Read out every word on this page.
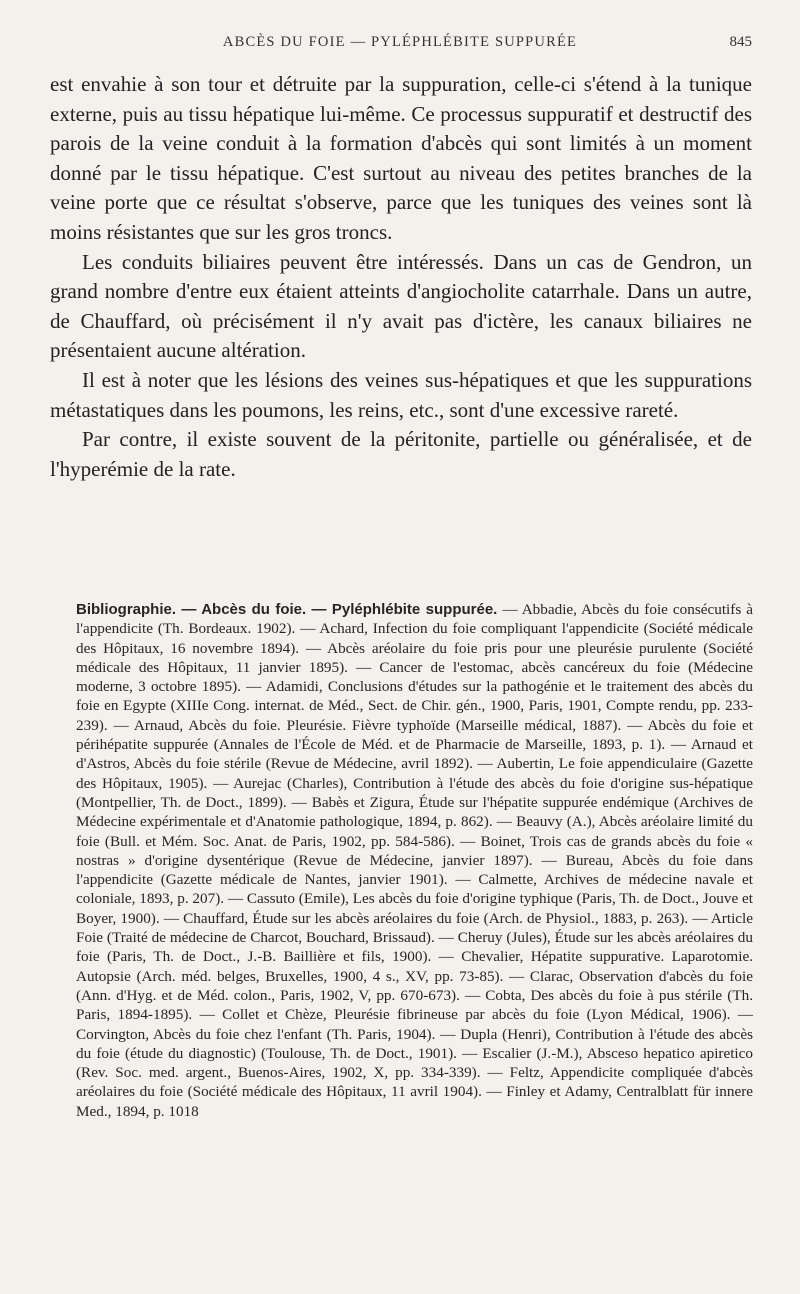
ABCÈS DU FOIE — PYLÉPHLÉBITE SUPPURÉE	845

est envahie à son tour et détruite par la suppuration, celle-ci s'étend à la tunique externe, puis au tissu hépatique lui-même. Ce processus suppuratif et destructif des parois de la veine conduit à la formation d'abcès qui sont limités à un moment donné par le tissu hépatique. C'est surtout au niveau des petites branches de la veine porte que ce résultat s'observe, parce que les tuniques des veines sont là moins résistantes que sur les gros troncs.

Les conduits biliaires peuvent être intéressés. Dans un cas de Gendron, un grand nombre d'entre eux étaient atteints d'angiocholite catarrhale. Dans un autre, de Chauffard, où précisément il n'y avait pas d'ictère, les canaux biliaires ne présentaient aucune altération.

Il est à noter que les lésions des veines sus-hépatiques et que les suppurations métastatiques dans les poumons, les reins, etc., sont d'une excessive rareté.

Par contre, il existe souvent de la péritonite, partielle ou généralisée, et de l'hyperémie de la rate.

Bibliographie. — Abcès du foie. — Pyléphlébite suppurée. — Abbadie, Abcès du foie consécutifs à l'appendicite (Th. Bordeaux. 1902). — Achard, Infection du foie compliquant l'appendicite (Société médicale des Hôpitaux, 16 novembre 1894). — Abcès aréolaire du foie pris pour une pleurésie purulente (Société médicale des Hôpitaux, 11 janvier 1895). — Cancer de l'estomac, abcès cancéreux du foie (Médecine moderne, 3 octobre 1895). — Adamidi, Conclusions d'études sur la pathogénie et le traitement des abcès du foie en Egypte (XIIIe Cong. internat. de Méd., Sect. de Chir. gén., 1900, Paris, 1901, Compte rendu, pp. 233-239). — Arnaud, Abcès du foie. Pleurésie. Fièvre typhoïde (Marseille médical, 1887). — Abcès du foie et périhépatite suppurée (Annales de l'École de Méd. et de Pharmacie de Marseille, 1893, p. 1). — Arnaud et d'Astros, Abcès du foie stérile (Revue de Médecine, avril 1892). — Aubertin, Le foie appendiculaire (Gazette des Hôpitaux, 1905). — Aurejac (Charles), Contribution à l'étude des abcès du foie d'origine sus-hépatique (Montpellier, Th. de Doct., 1899). — Babès et Zigura, Étude sur l'hépatite suppurée endémique (Archives de Médecine expérimentale et d'Anatomie pathologique, 1894, p. 862). — Beauvy (A.), Abcès aréolaire limité du foie (Bull. et Mém. Soc. Anat. de Paris, 1902, pp. 584-586). — Boinet, Trois cas de grands abcès du foie « nostras » d'origine dysentérique (Revue de Médecine, janvier 1897). — Bureau, Abcès du foie dans l'appendicite (Gazette médicale de Nantes, janvier 1901). — Calmette, Archives de médecine navale et coloniale, 1893, p. 207). — Cassuto (Emile), Les abcès du foie d'origine typhique (Paris, Th. de Doct., Jouve et Boyer, 1900). — Chauffard, Étude sur les abcès aréolaires du foie (Arch. de Physiol., 1883, p. 263). — Article Foie (Traité de médecine de Charcot, Bouchard, Brissaud). — Cheruy (Jules), Étude sur les abcès aréolaires du foie (Paris, Th. de Doct., J.-B. Baillière et fils, 1900). — Chevalier, Hépatite suppurative. Laparotomie. Autopsie (Arch. méd. belges, Bruxelles, 1900, 4 s., XV, pp. 73-85). — Clarac, Observation d'abcès du foie (Ann. d'Hyg. et de Méd. colon., Paris, 1902, V, pp. 670-673). — Cobta, Des abcès du foie à pus stérile (Th. Paris, 1894-1895). — Collet et Chèze, Pleurésie fibrineuse par abcès du foie (Lyon Médical, 1906). — Corvington, Abcès du foie chez l'enfant (Th. Paris, 1904). — Dupla (Henri), Contribution à l'étude des abcès du foie (étude du diagnostic) (Toulouse, Th. de Doct., 1901). — Escalier (J.-M.), Absceso hepatico apiretico (Rev. Soc. med. argent., Buenos-Aires, 1902, X, pp. 334-339). — Feltz, Appendicite compliquée d'abcès aréolaires du foie (Société médicale des Hôpitaux, 11 avril 1904). — Finley et Adamy, Centralblatt für innere Med., 1894, p. 1018
